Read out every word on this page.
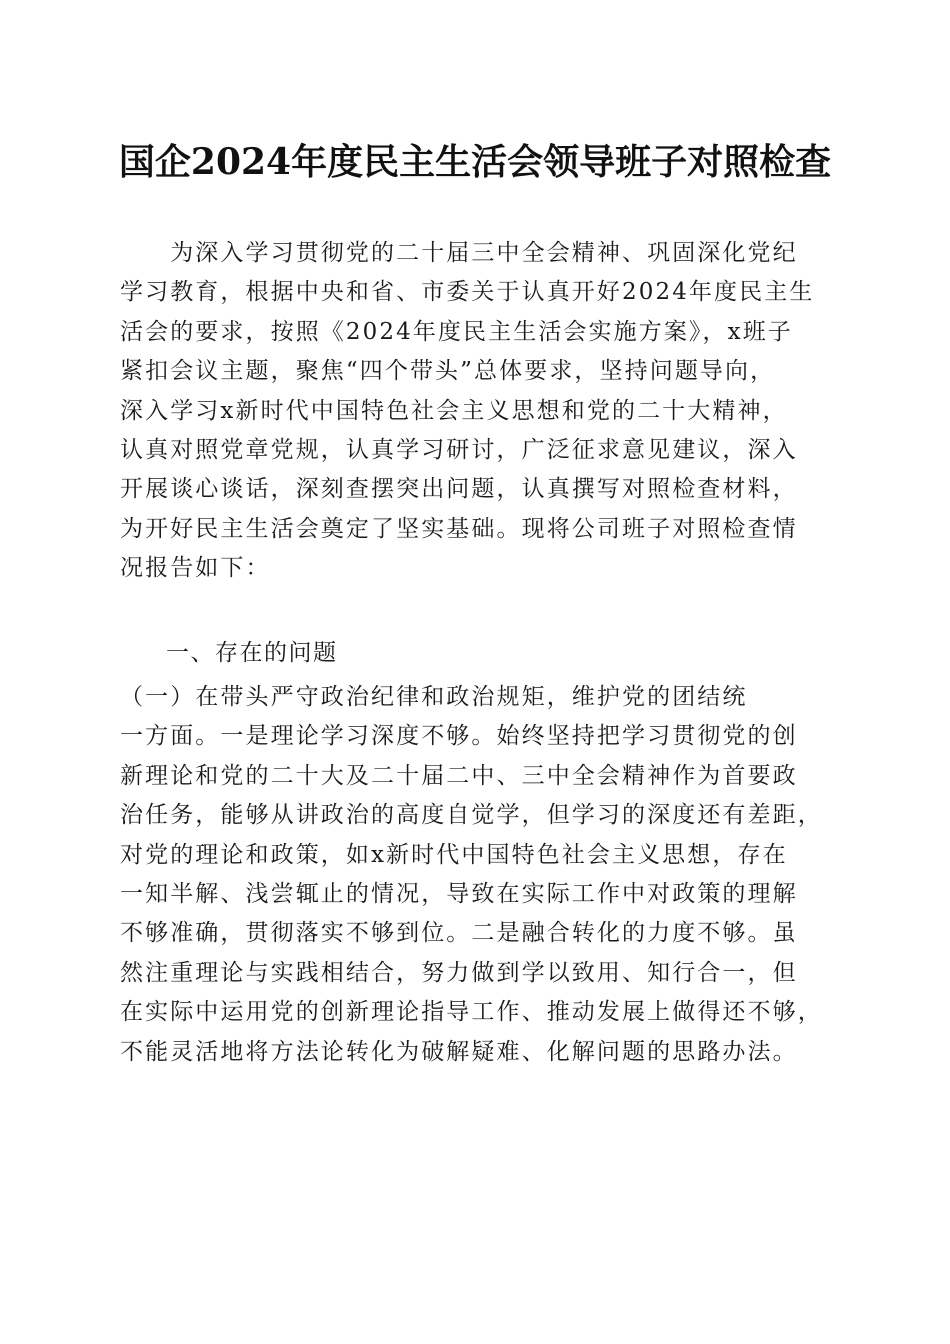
国企2024年度民主生活会领导班子对照检查
　　为深入学习贯彻党的二十届三中全会精神、巩固深化党纪
学习教育，根据中央和省、市委关于认真开好2024年度民主生
活会的要求，按照《2024年度民主生活会实施方案》，x班子
紧扣会议主题，聚焦“四个带头”总体要求，坚持问题导向，
深入学习x新时代中国特色社会主义思想和党的二十大精神，
认真对照党章党规，认真学习研讨，广泛征求意见建议，深入
开展谈心谈话，深刻查摆突出问题，认真撰写对照检查材料，
为开好民主生活会奠定了坚实基础。现将公司班子对照检查情
况报告如下：
一、存在的问题
（一）在带头严守政治纪律和政治规矩，维护党的团结统
一方面。一是理论学习深度不够。始终坚持把学习贯彻党的创
新理论和党的二十大及二十届二中、三中全会精神作为首要政
治任务，能够从讲政治的高度自觉学，但学习的深度还有差距，
对党的理论和政策，如x新时代中国特色社会主义思想，存在
一知半解、浅尝辄止的情况，导致在实际工作中对政策的理解
不够准确，贯彻落实不够到位。二是融合转化的力度不够。虽
然注重理论与实践相结合，努力做到学以致用、知行合一，但
在实际中运用党的创新理论指导工作、推动发展上做得还不够，
不能灵活地将方法论转化为破解疑难、化解问题的思路办法。
